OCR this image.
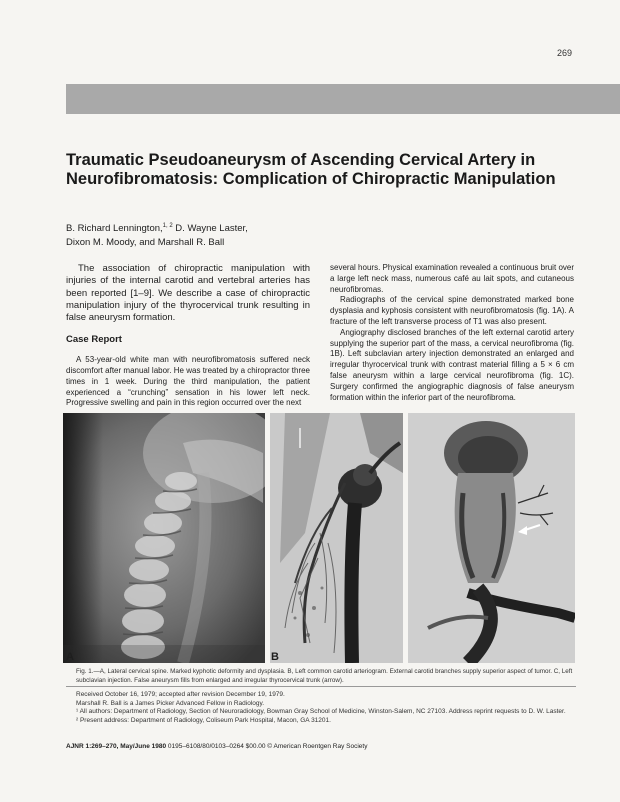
269
Traumatic Pseudoaneurysm of Ascending Cervical Artery in Neurofibromatosis: Complication of Chiropractic Manipulation
B. Richard Lennington,$^{1, 2}$ D. Wayne Laster,
Dixon M. Moody, and Marshall R. Ball

The association of chiropractic manipulation with injuries of the internal carotid and vertebral arteries has been reported [1–9]. We describe a case of chiropractic manipulation injury of the thyrocervical trunk resulting in false aneurysm formation.

Case Report

A 53-year-old white man with neurofibromatosis suffered neck discomfort after manual labor. He was treated by a chiropractor three times in 1 week. During the third manipulation, the patient experienced a “crunching” sensation in his lower left neck. Progressive swelling and pain in this region occurred over the next

several hours. Physical examination revealed a continuous bruit over a large left neck mass, numerous café au lait spots, and cutaneous neurofibromas.

Radiographs of the cervical spine demonstrated marked bone dysplasia and kyphosis consistent with neurofibromatosis (fig. 1A). A fracture of the left transverse process of T1 was also present.

Angiography disclosed branches of the left external carotid artery supplying the superior part of the mass, a cervical neurofibroma (fig. 1B). Left subclavian artery injection demonstrated an enlarged and irregular thyrocervical trunk with contrast material filling a 5 × 6 cm false aneurysm within a large cervical neurofibroma (fig. 1C). Surgery confirmed the angiographic diagnosis of false aneurysm formation within the inferior part of the neurofibroma.

A	B
Fig. 1.—A, Lateral cervical spine. Marked kyphotic deformity and dysplasia. B, Left common carotid arteriogram. External carotid branches supply superior aspect of tumor. C, Left subclavian injection. False aneurysm fills from enlarged and irregular thyrocervical trunk (arrow).

Received October 16, 1979; accepted after revision December 19, 1979.

Marshall R. Ball is a James Picker Advanced Fellow in Radiology.

¹ All authors: Department of Radiology, Section of Neuroradiology, Bowman Gray School of Medicine, Winston-Salem, NC 27103. Address reprint requests to D. W. Laster.

² Present address: Department of Radiology, Coliseum Park Hospital, Macon, GA 31201.

AJNR 1:269–270, May/June 1980 0195–6108/80/0103–0264 $00.00 © American Roentgen Ray Society
